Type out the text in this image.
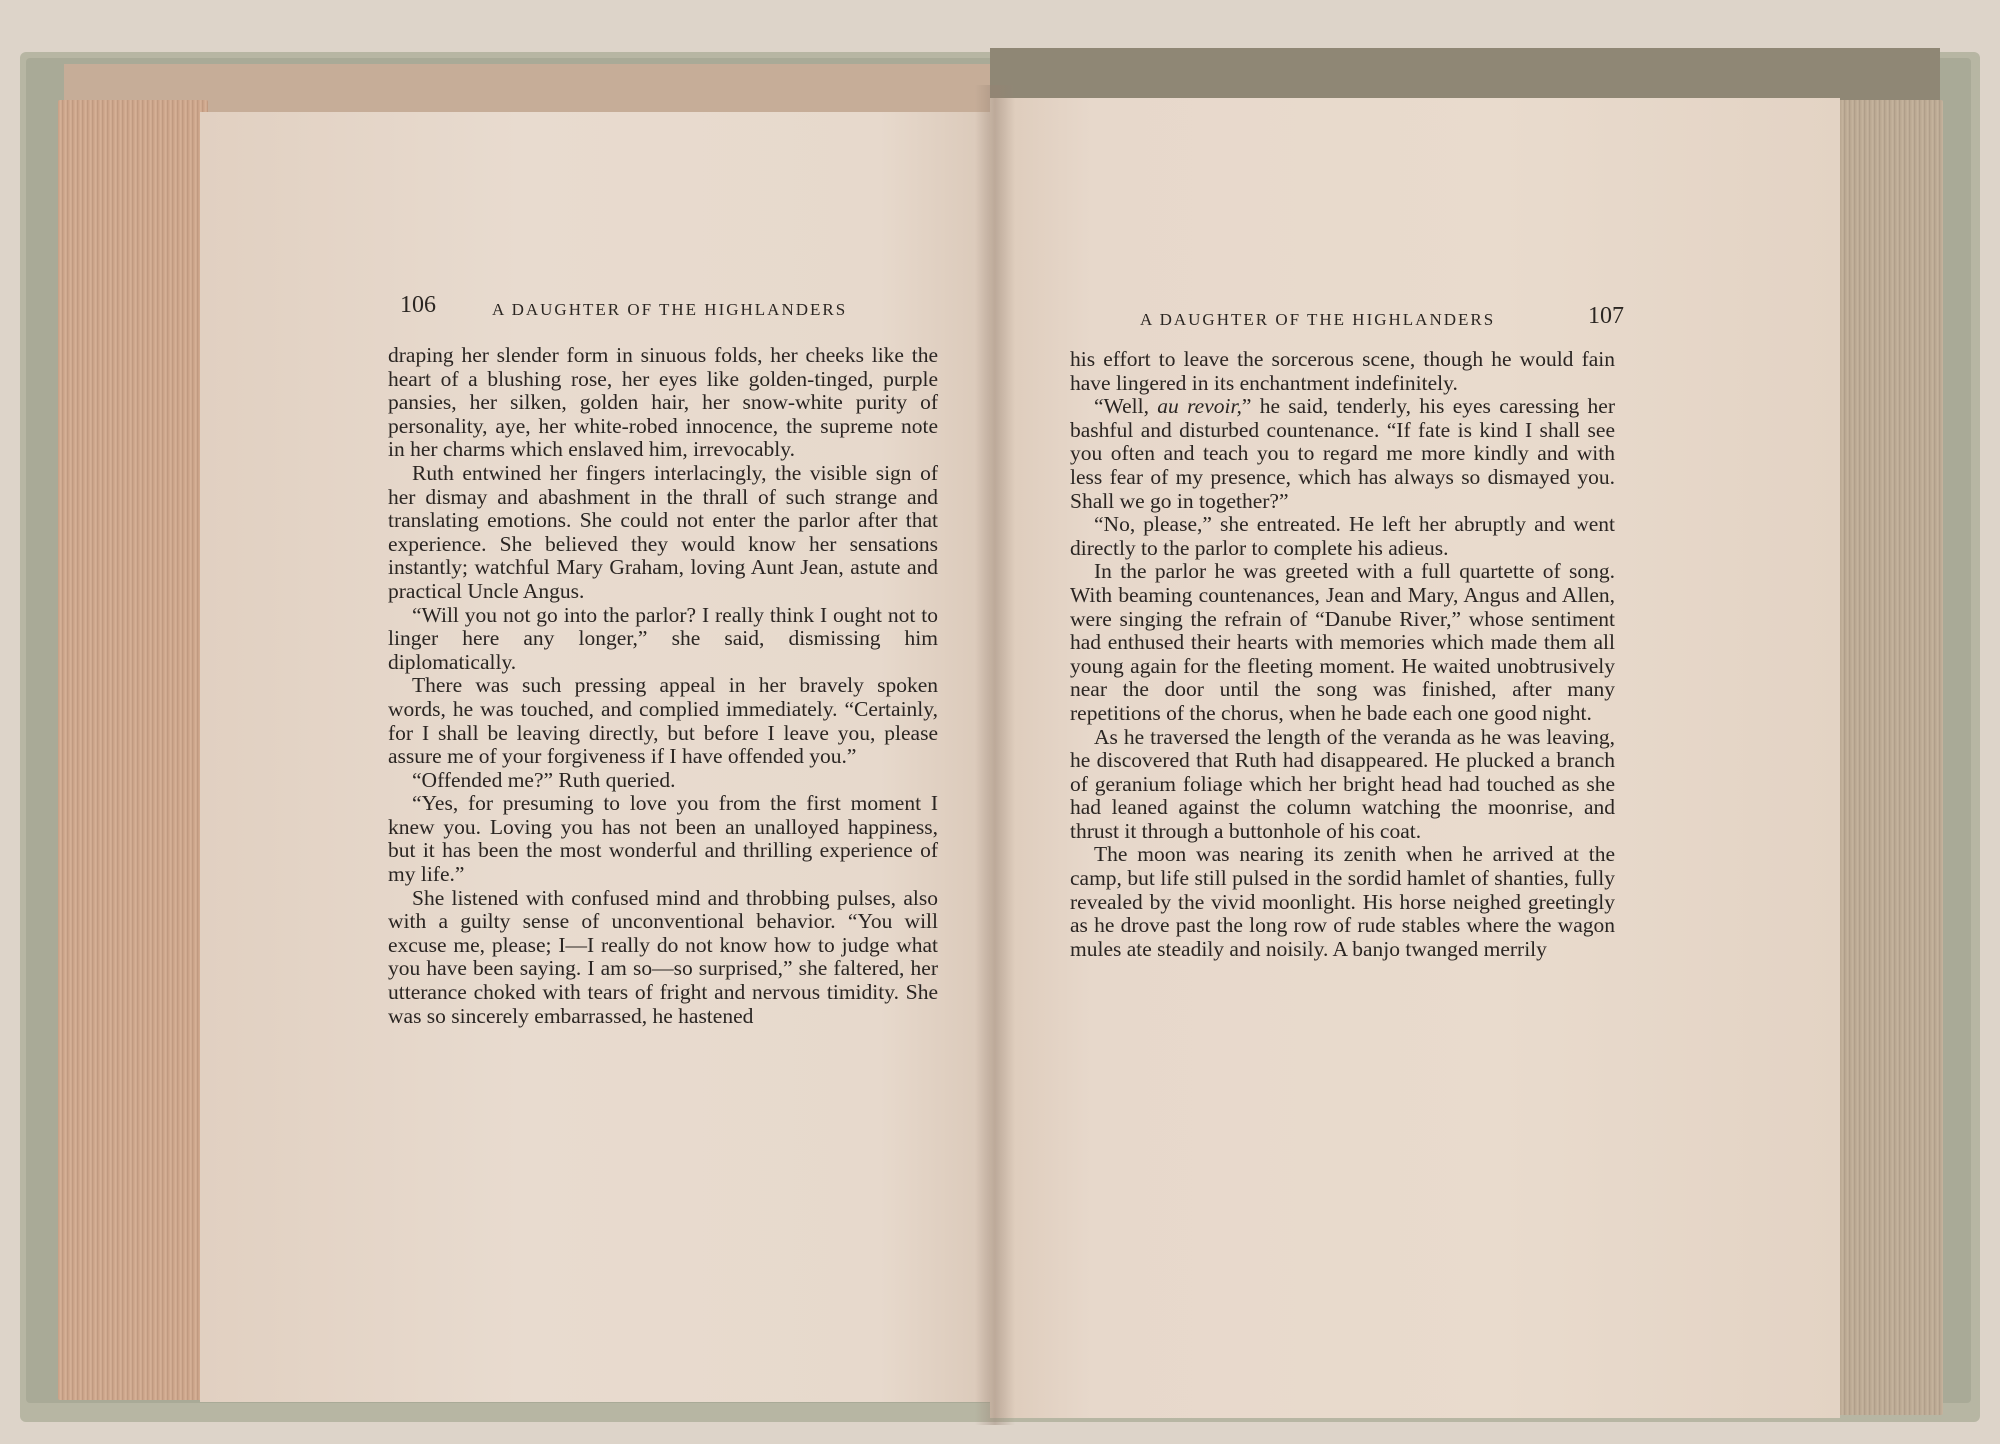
106	A DAUGHTER OF THE HIGHLANDERS

draping her slender form in sinuous folds, her cheeks like the heart of a blushing rose, her eyes like golden-tinged, purple pansies, her silken, golden hair, her snow-white purity of personality, aye, her white-robed innocence, the supreme note in her charms which enslaved him, irrevocably.

Ruth entwined her fingers interlacingly, the visible sign of her dismay and abashment in the thrall of such strange and translating emotions. She could not enter the parlor after that experience. She believed they would know her sensations instantly; watchful Mary Graham, loving Aunt Jean, astute and practical Uncle Angus.

“Will you not go into the parlor? I really think I ought not to linger here any longer,” she said, dismissing him diplomatically.

There was such pressing appeal in her bravely spoken words, he was touched, and complied immediately. “Certainly, for I shall be leaving directly, but before I leave you, please assure me of your forgiveness if I have offended you.”

“Offended me?” Ruth queried.

“Yes, for presuming to love you from the first moment I knew you. Loving you has not been an unalloyed happiness, but it has been the most wonderful and thrilling experience of my life.”

She listened with confused mind and throbbing pulses, also with a guilty sense of unconventional behavior. “You will excuse me, please; I—I really do not know how to judge what you have been saying. I am so—so surprised,” she faltered, her utterance choked with tears of fright and nervous timidity. She was so sincerely embarrassed, he hastened

A DAUGHTER OF THE HIGHLANDERS	107

his effort to leave the sorcerous scene, though he would fain have lingered in its enchantment indefinitely.

“Well, au revoir,” he said, tenderly, his eyes caressing her bashful and disturbed countenance. “If fate is kind I shall see you often and teach you to regard me more kindly and with less fear of my presence, which has always so dismayed you. Shall we go in together?”

“No, please,” she entreated. He left her abruptly and went directly to the parlor to complete his adieus.

In the parlor he was greeted with a full quartette of song. With beaming countenances, Jean and Mary, Angus and Allen, were singing the refrain of “Danube River,” whose sentiment had enthused their hearts with memories which made them all young again for the fleeting moment. He waited unobtrusively near the door until the song was finished, after many repetitions of the chorus, when he bade each one good night.

As he traversed the length of the veranda as he was leaving, he discovered that Ruth had disappeared. He plucked a branch of geranium foliage which her bright head had touched as she had leaned against the column watching the moonrise, and thrust it through a buttonhole of his coat.

The moon was nearing its zenith when he arrived at the camp, but life still pulsed in the sordid hamlet of shanties, fully revealed by the vivid moonlight. His horse neighed greetingly as he drove past the long row of rude stables where the wagon mules ate steadily and noisily. A banjo twanged merrily
